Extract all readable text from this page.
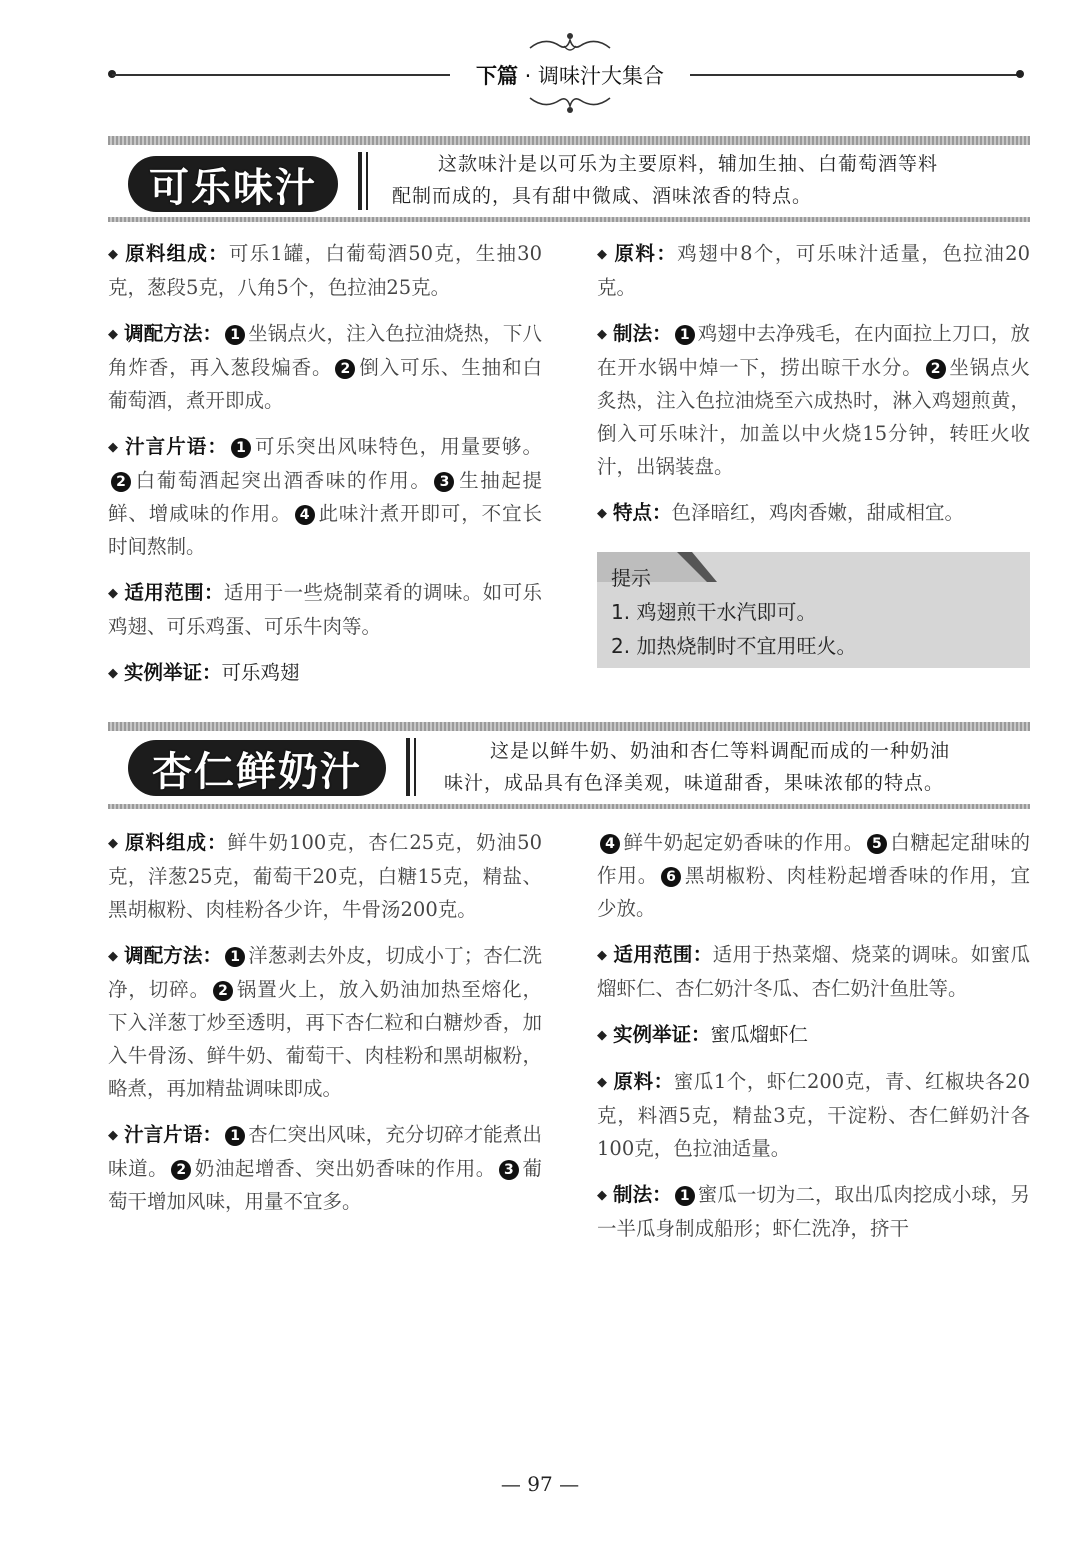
下篇 · 调味汁大集合
可乐味汁
这款味汁是以可乐为主要原料，辅加生抽、白葡萄酒等料
配制而成的，具有甜中微咸、酒味浓香的特点。

◆ 原料组成：可乐1罐，白葡萄酒50克，生抽30克，葱段5克，八角5个，色拉油25克。

◆ 调配方法： 1 坐锅点火，注入色拉油烧热，下八角炸香，再入葱段煸香。 2 倒入可乐、生抽和白葡萄酒，煮开即成。

◆ 汁言片语： 1 可乐突出风味特色，用量要够。2 白葡萄酒起突出酒香味的作用。 3 生抽起提鲜、增咸味的作用。 4 此味汁煮开即可，不宜长时间熬制。

◆ 适用范围：适用于一些烧制菜肴的调味。如可乐鸡翅、可乐鸡蛋、可乐牛肉等。

◆ 实例举证：可乐鸡翅

◆ 原料：鸡翅中8个，可乐味汁适量，色拉油20克。

◆ 制法： 1 鸡翅中去净残毛，在内面拉上刀口，放在开水锅中焯一下，捞出晾干水分。 2 坐锅点火炙热，注入色拉油烧至六成热时，淋入鸡翅煎黄，倒入可乐味汁，加盖以中火烧15分钟，转旺火收汁，出锅装盘。

◆ 特点：色泽暗红，鸡肉香嫩，甜咸相宜。

提示
1. 鸡翅煎干水汽即可。
2. 加热烧制时不宜用旺火。
杏仁鲜奶汁	这是以鲜牛奶、奶油和杏仁等料调配而成的一种奶油
味汁，成品具有色泽美观，味道甜香，果味浓郁的特点。

◆ 原料组成：鲜牛奶100克，杏仁25克，奶油50克，洋葱25克，葡萄干20克，白糖15克，精盐、黑胡椒粉、肉桂粉各少许，牛骨汤200克。

◆ 调配方法： 1 洋葱剥去外皮，切成小丁；杏仁洗净，切碎。 2 锅置火上，放入奶油加热至熔化，下入洋葱丁炒至透明，再下杏仁粒和白糖炒香，加入牛骨汤、鲜牛奶、葡萄干、肉桂粉和黑胡椒粉，略煮，再加精盐调味即成。

◆ 汁言片语： 1 杏仁突出风味，充分切碎才能煮出味道。 2 奶油起增香、突出奶香味的作用。 3 葡萄干增加风味，用量不宜多。

4 鲜牛奶起定奶香味的作用。 5 白糖起定甜味的作用。 6 黑胡椒粉、肉桂粉起增香味的作用，宜少放。

◆ 适用范围：适用于热菜熘、烧菜的调味。如蜜瓜熘虾仁、杏仁奶汁冬瓜、杏仁奶汁鱼肚等。

◆ 实例举证：蜜瓜熘虾仁

◆ 原料：蜜瓜1个，虾仁200克，青、红椒块各20克，料酒5克，精盐3克，干淀粉、杏仁鲜奶汁各100克，色拉油适量。

◆ 制法： 1 蜜瓜一切为二，取出瓜肉挖成小球，另一半瓜身制成船形；虾仁洗净，挤干

— 97 —
